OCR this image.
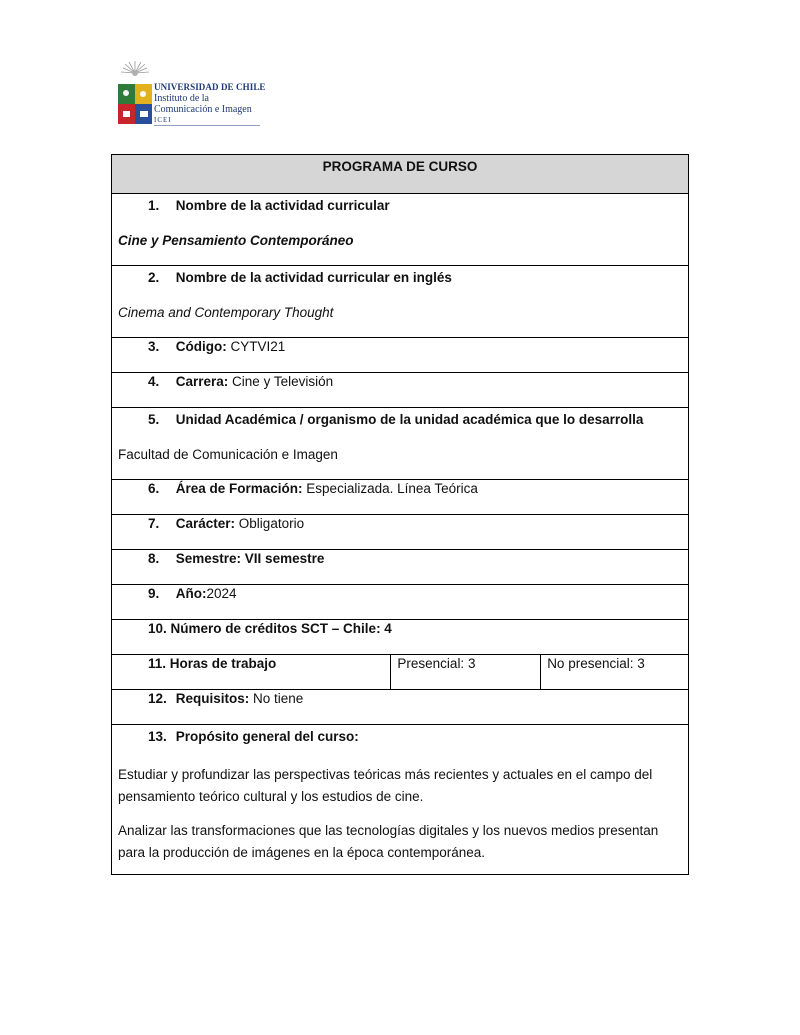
UNIVERSIDAD DE CHILE
Instituto de la
Comunicación e Imagen
ICEI
PROGRAMA DE CURSO

1. Nombre de la actividad curricular
Cine y Pensamiento Contemporáneo

2. Nombre de la actividad curricular en inglés
Cinema and Contemporary Thought

3. Código: CYTVI21

4. Carrera: Cine y Televisión

5. Unidad Académica / organismo de la unidad académica que lo desarrolla
Facultad de Comunicación e Imagen

6. Área de Formación: Especializada. Línea Teórica

7. Carácter: Obligatorio

8. Semestre: VII semestre

9. Año:2024

10. Número de créditos SCT – Chile: 4

11. Horas de trabajo	Presencial: 3	No presencial: 3

12. Requisitos: No tiene

13. Propósito general del curso:

Estudiar y profundizar las perspectivas teóricas más recientes y actuales en el campo del pensamiento teórico cultural y los estudios de cine.

Analizar las transformaciones que las tecnologías digitales y los nuevos medios presentan para la producción de imágenes en la época contemporánea.
